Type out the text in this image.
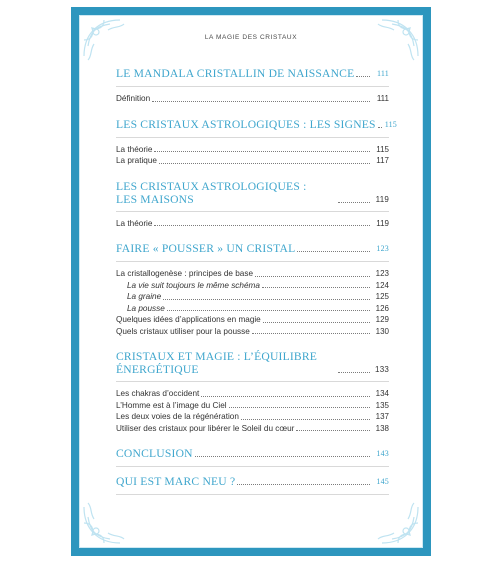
LA MAGIE DES CRISTAUX
LE MANDALA CRISTALLIN DE NAISSANCE	111
Définition	111
LES CRISTAUX ASTROLOGIQUES : LES SIGNES 115
La théorie	115
La pratique	117
LES CRISTAUX ASTROLOGIQUES :
LES MAISONS	119
La théorie	119
FAIRE « POUSSER » UN CRISTAL	123
La cristallogenèse : principes de base	123
La vie suit toujours le même schéma	124
La graine	125
La pousse	126
Quelques idées d’applications en magie	129
Quels cristaux utiliser pour la pousse	130
CRISTAUX ET MAGIE : L’ÉQUILIBRE
ÉNERGÉTIQUE	133
Les chakras d’occident	134
L’Homme est à l’image du Ciel	135
Les deux voies de la régénération	137
Utiliser des cristaux pour libérer le Soleil du cœur	138
CONCLUSION	143
QUI EST MARC NEU ?	145
